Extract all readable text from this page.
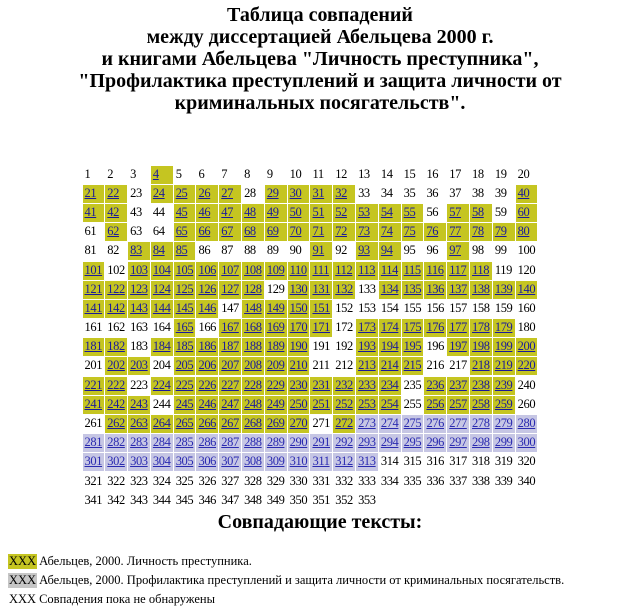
Таблица совпадений
между диссертацией Абельцева 2000 г.
и книгами Абельцева "Личность преступника",
"Профилактика преступлений и защита личности от
криминальных посягательств".
1	2	3	4	5	6	7	8	9	10 11 12 13 14 15 16 17 18 19 20
21 22 23 24 25 26 27 28 29 30 31 32 33 34 35 36 37 38 39 40
41 42 43 44 45 46 47 48 49 50 51 52 53 54 55 56 57 58 59 60
61 62 63 64 65 66 67 68 69 70 71 72 73 74 75 76 77 78 79 80
81 82 83 84 85 86 87 88 89 90 91 92 93 94 95 96 97 98 99 100
101 102 103 104 105 106 107 108 109 110 111 112 113 114 115 116 117 118 119 120
121 122 123 124 125 126 127 128 129 130 131 132 133 134 135 136 137 138 139 140
141 142 143 144 145 146 147 148 149 150 151 152 153 154 155 156 157 158 159 160
161 162 163 164 165 166 167 168 169 170 171 172 173 174 175 176 177 178 179 180
181 182 183 184 185 186 187 188 189 190 191 192 193 194 195 196 197 198 199 200
201 202 203 204 205 206 207 208 209 210 211 212 213 214 215 216 217 218 219 220
221 222 223 224 225 226 227 228 229 230 231 232 233 234 235 236 237 238 239 240
241 242 243 244 245 246 247 248 249 250 251 252 253 254 255 256 257 258 259 260
261 262 263 264 265 266 267 268 269 270 271 272 273 274 275 276 277 278 279 280
281 282 283 284 285 286 287 288 289 290 291 292 293 294 295 296 297 298 299 300
301 302 303 304 305 306 307 308 309 310 311 312 313 314 315 316 317 318 319 320
321 322 323 324 325 326 327 328 329 330 331 332 333 334 335 336 337 338 339 340
341 342 343 344 345 346 347 348 349 350 351 352 353
Совпадающие тексты:
XXX Абельцев, 2000. Личность преступника.
XXX Абельцев, 2000. Профилактика преступлений и защита личности от криминальных посягательств.
XXX Совпадения пока не обнаружены
